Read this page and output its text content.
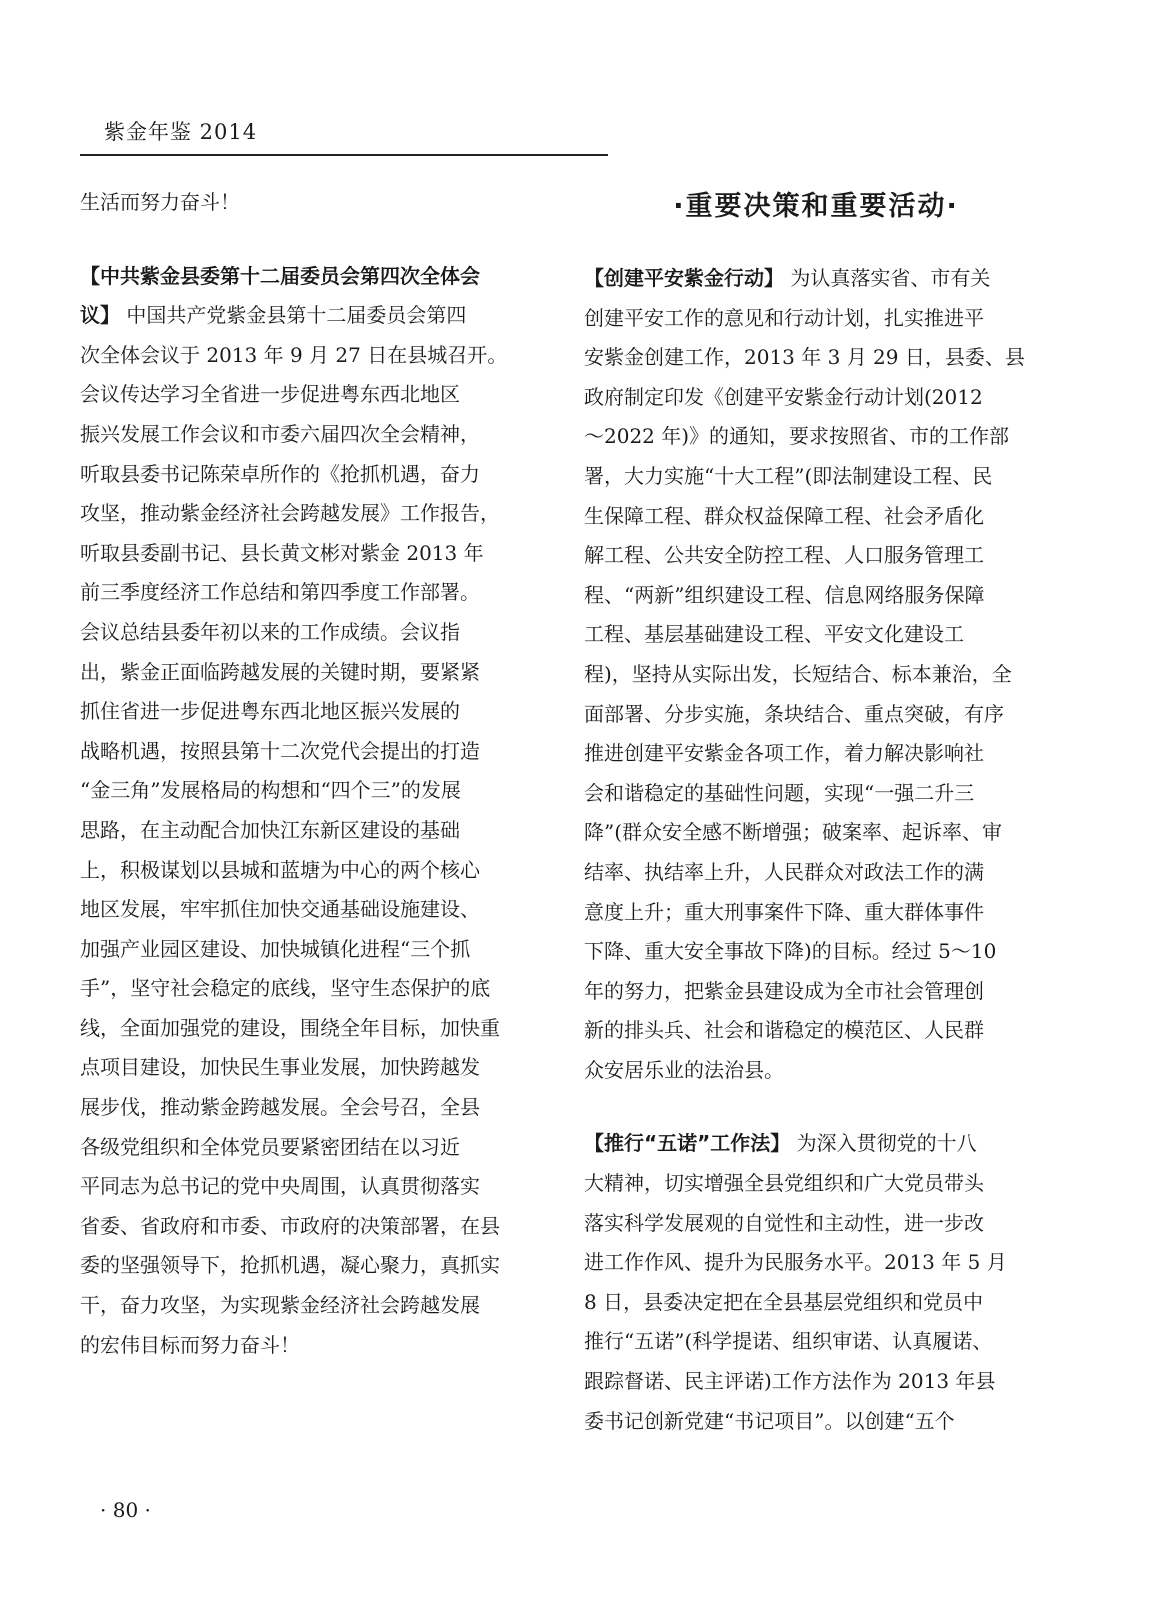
紫金年鉴 2014
生活而努力奋斗！
【中共紫金县委第十二届委员会第四次全体会
议】 中国共产党紫金县第十二届委员会第四
次全体会议于 2013 年 9 月 27 日在县城召开。
会议传达学习全省进一步促进粤东西北地区
振兴发展工作会议和市委六届四次全会精神，
听取县委书记陈荣卓所作的《抢抓机遇，奋力
攻坚，推动紫金经济社会跨越发展》工作报告，
听取县委副书记、县长黄文彬对紫金 2013 年
前三季度经济工作总结和第四季度工作部署。
会议总结县委年初以来的工作成绩。会议指
出，紫金正面临跨越发展的关键时期，要紧紧
抓住省进一步促进粤东西北地区振兴发展的
战略机遇，按照县第十二次党代会提出的打造
“金三角”发展格局的构想和“四个三”的发展
思路，在主动配合加快江东新区建设的基础
上，积极谋划以县城和蓝塘为中心的两个核心
地区发展，牢牢抓住加快交通基础设施建设、
加强产业园区建设、加快城镇化进程“三个抓
手”，坚守社会稳定的底线，坚守生态保护的底
线，全面加强党的建设，围绕全年目标，加快重
点项目建设，加快民生事业发展，加快跨越发
展步伐，推动紫金跨越发展。全会号召，全县
各级党组织和全体党员要紧密团结在以习近
平同志为总书记的党中央周围，认真贯彻落实
省委、省政府和市委、市政府的决策部署，在县
委的坚强领导下，抢抓机遇，凝心聚力，真抓实
干，奋力攻坚，为实现紫金经济社会跨越发展
的宏伟目标而努力奋斗！
·重要决策和重要活动·
【创建平安紫金行动】 为认真落实省、市有关
创建平安工作的意见和行动计划，扎实推进平
安紫金创建工作，2013 年 3 月 29 日，县委、县
政府制定印发《创建平安紫金行动计划(2012
～2022 年)》的通知，要求按照省、市的工作部
署，大力实施“十大工程”(即法制建设工程、民
生保障工程、群众权益保障工程、社会矛盾化
解工程、公共安全防控工程、人口服务管理工
程、“两新”组织建设工程、信息网络服务保障
工程、基层基础建设工程、平安文化建设工
程)，坚持从实际出发，长短结合、标本兼治，全
面部署、分步实施，条块结合、重点突破，有序
推进创建平安紫金各项工作，着力解决影响社
会和谐稳定的基础性问题，实现“一强二升三
降”(群众安全感不断增强；破案率、起诉率、审
结率、执结率上升，人民群众对政法工作的满
意度上升；重大刑事案件下降、重大群体事件
下降、重大安全事故下降)的目标。经过 5～10
年的努力，把紫金县建设成为全市社会管理创
新的排头兵、社会和谐稳定的模范区、人民群
众安居乐业的法治县。
【推行“五诺”工作法】 为深入贯彻党的十八
大精神，切实增强全县党组织和广大党员带头
落实科学发展观的自觉性和主动性，进一步改
进工作作风、提升为民服务水平。2013 年 5 月
8 日，县委决定把在全县基层党组织和党员中
推行“五诺”(科学提诺、组织审诺、认真履诺、
跟踪督诺、民主评诺)工作方法作为 2013 年县
委书记创新党建“书记项目”。以创建“五个
· 80 ·
